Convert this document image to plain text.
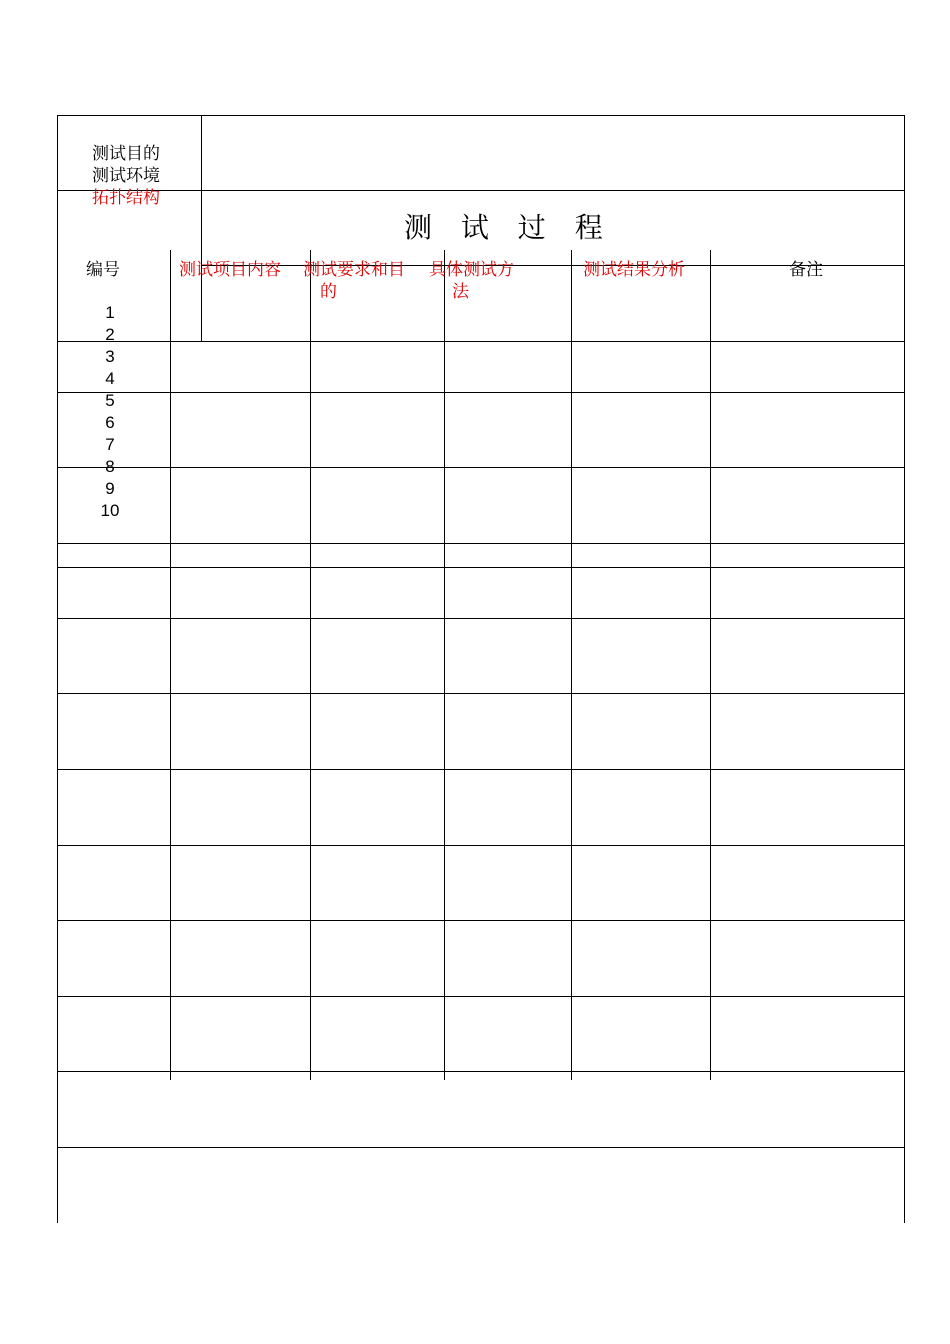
测试目的
测试环境
拓扑结构
测 试 过 程
编号	测试项目内容 测试要求和目
的
具体测试方
法
测试结果分析	备注
1
2
3
4
5
6
7
8
9
10
